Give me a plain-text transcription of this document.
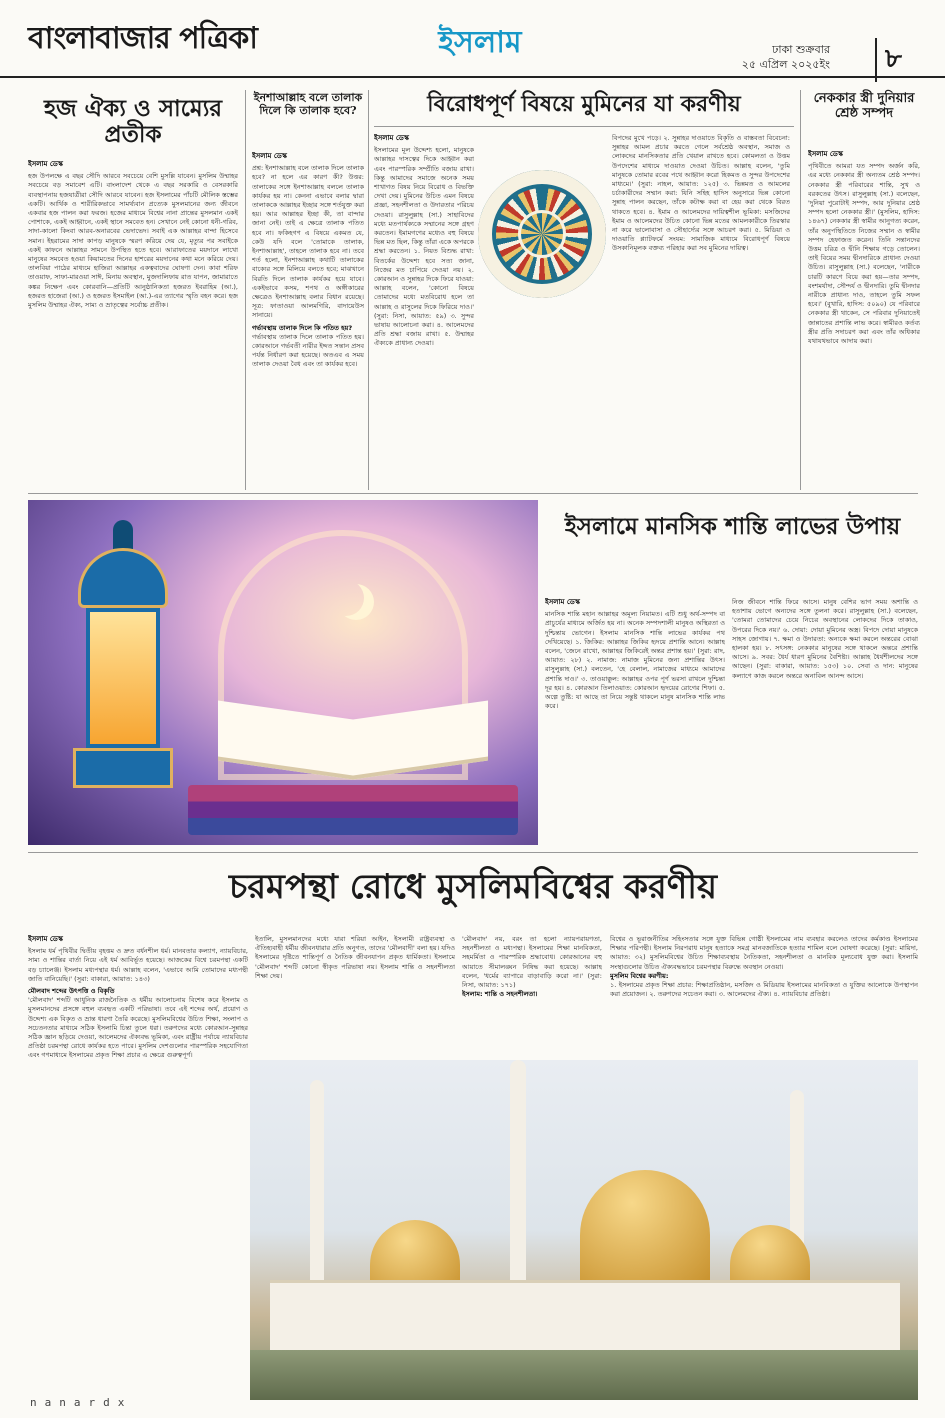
বাংলাবাজার পত্রিকা	ইসলাম	ঢাকা শুক্রবার
২৫ এপ্রিল ২০২৫ইং	৮
হজ ঐক্য ও সাম্যের প্রতীক
ইসলাম ডেস্ক
হজ উপলক্ষে এ বছর সৌদি আরবে সবচেয়ে বেশি মুসল্লি যাবেন। মুসলিম উম্মাহর সবচেয়ে বড় সমাবেশ এটি। বাংলাদেশ থেকে এ বছর সরকারি ও বেসরকারি ব্যবস্থাপনায় হজযাত্রীরা সৌদি আরবে যাবেন। হজ ইসলামের পাঁচটি মৌলিক স্তম্ভের একটি। আর্থিক ও শারীরিকভাবে সামর্থ্যবান প্রত্যেক মুসলমানের জন্য জীবনে একবার হজ পালন করা ফরজ। হজের মাধ্যমে বিশ্বের নানা প্রান্তের মুসলমান একই পোশাকে, একই আহ্বানে, একই স্থানে সমবেত হন। সেখানে নেই কোনো ধনী-গরিব, সাদা-কালো কিংবা আরব-অনারবের ভেদাভেদ। সবাই এক আল্লাহর বান্দা হিসেবে সমান। ইহরামের সাদা কাপড় মানুষকে স্মরণ করিয়ে দেয় যে, মৃত্যুর পর সবাইকে একই কাফনে আল্লাহর সামনে উপস্থিত হতে হবে। আরাফাতের ময়দানে লাখো মানুষের সমবেত হওয়া কিয়ামতের দিনের হাশরের ময়দানের কথা মনে করিয়ে দেয়। তালবিয়া পাঠের মাধ্যমে হাজিরা আল্লাহর একত্ববাদের ঘোষণা দেন। কাবা শরিফ তাওয়াফ, সাফা-মারওয়া সাঈ, মিনায় অবস্থান, মুজদালিফায় রাত যাপন, জামারাতে কঙ্কর নিক্ষেপ এবং কোরবানি—প্রতিটি আনুষ্ঠানিকতা হজরত ইবরাহিম (আ.), হজরত হাজেরা (আ.) ও হজরত ইসমাইল (আ.)-এর ত্যাগের স্মৃতি বহন করে। হজ মুসলিম উম্মাহর ঐক্য, সাম্য ও ভ্রাতৃত্বের সর্বোচ্চ প্রতীক।
ইনশাআল্লাহ বলে তালাক দিলে কি তালাক হবে?
ইসলাম ডেস্ক
প্রশ্ন: ইনশাআল্লাহ বলে তালাক দিলে তালাক হবে? না হলে এর কারণ কী? উত্তর: তালাকের সঙ্গে ইনশাআল্লাহ বললে তালাক কার্যকর হয় না। কেননা এভাবে বলার দ্বারা তালাককে আল্লাহর ইচ্ছার সঙ্গে শর্তযুক্ত করা হয়। আর আল্লাহর ইচ্ছা কী, তা বান্দার জানা নেই। তাই এ ক্ষেত্রে তালাক পতিত হবে না। ফকিহগণ এ বিষয়ে একমত যে, কেউ যদি বলে 'তোমাকে তালাক, ইনশাআল্লাহ', তাহলে তালাক হবে না। তবে শর্ত হলো, ইনশাআল্লাহ কথাটি তালাকের বাক্যের সঙ্গে মিলিয়ে বলতে হবে; মাঝখানে বিরতি দিলে তালাক কার্যকর হয়ে যাবে। একইভাবে কসম, শপথ ও অঙ্গীকারের ক্ষেত্রেও ইনশাআল্লাহ বলার বিধান রয়েছে। সূত্র: ফাতাওয়া আলমগিরি, বাদায়েউস সানায়ে।
গর্ভাবস্থায় তালাক দিলে কি পতিত হয়?
গর্ভাবস্থায় তালাক দিলে তালাক পতিত হয়। কোরআনে গর্ভবতী নারীর ইদ্দত সন্তান প্রসব পর্যন্ত নির্ধারণ করা হয়েছে। অতএব এ সময় তালাক দেওয়া বৈধ এবং তা কার্যকর হবে।
বিরোধপূর্ণ বিষয়ে মুমিনের যা করণীয়
ইসলাম ডেস্ক
ইসলামের মূল উদ্দেশ্য হলো, মানুষকে আল্লাহর দাসত্বের দিকে আহ্বান করা এবং পারস্পরিক সম্প্রীতি বজায় রাখা। কিন্তু আমাদের সমাজে অনেক সময় শাখাগত বিষয় নিয়ে বিরোধ ও বিভক্তি দেখা দেয়। মুমিনের উচিত এমন বিষয়ে প্রজ্ঞা, সহনশীলতা ও উদারতার পরিচয় দেওয়া। রাসুলুল্লাহ (সা.) সাহাবিদের মধ্যে মতপার্থক্যকে সম্মানের সঙ্গে গ্রহণ করতেন। ইমামগণের মধ্যেও বহু বিষয়ে ভিন্ন মত ছিল, কিন্তু তাঁরা একে অপরকে শ্রদ্ধা করতেন। ১. নিয়ত বিশুদ্ধ রাখা: বিতর্কের উদ্দেশ্য হবে সত্য জানা, নিজের মত চাপিয়ে দেওয়া নয়। ২. কোরআন ও সুন্নাহর দিকে ফিরে যাওয়া: আল্লাহ বলেন, 'কোনো বিষয়ে তোমাদের মধ্যে মতবিরোধ হলে তা আল্লাহ ও রাসুলের দিকে ফিরিয়ে দাও।' (সুরা: নিসা, আয়াত: ৫৯) ৩. সুন্দর ভাষায় আলোচনা করা। ৪. আলেমদের প্রতি শ্রদ্ধা বজায় রাখা। ৫. উম্মাহর ঐক্যকে প্রাধান্য দেওয়া।
বিপদের মুখে পড়ে। ২. সুন্নাহর দাওয়াতে বিকৃতি ও বাস্তবতা বিবেচনা: সুন্নাহর আমল প্রচার করতে গেলে সর্বশ্রেষ্ঠ অবস্থান, সমাজ ও লোকদের মানসিকতার প্রতি খেয়াল রাখতে হবে। কোমলতা ও উত্তম উপদেশের মাধ্যমে দাওয়াত দেওয়া উচিত। আল্লাহ বলেন, 'তুমি মানুষকে তোমার রবের পথে আহ্বান করো হিকমত ও সুন্দর উপদেশের মাধ্যমে।' (সুরা: নাহল, আয়াত: ১২৫) ৩. ভিন্নমত ও আমলের চর্চাকারীদের সম্মান করা: যিনি সহিহ হাদিস অনুসারে ভিন্ন কোনো সুন্নাহ পালন করছেন, তাঁকে কটাক্ষ করা বা হেয় করা থেকে বিরত থাকতে হবে। ৪. ইমাম ও আলেমদের দায়িত্বশীল ভূমিকা: মসজিদের ইমাম ও আলেমদের উচিত কোনো ভিন্ন মতের আমলকারীকে তিরস্কার না করে ভালোবাসা ও সৌহার্দ্যের সঙ্গে আচরণ করা। ৫. মিডিয়া ও দাওয়াতি প্ল্যাটফর্মে সংযম: সামাজিক মাধ্যমে বিরোধপূর্ণ বিষয়ে উসকানিমূলক বক্তব্য পরিহার করা সব মুমিনের দায়িত্ব।
নেককার স্ত্রী দুনিয়ার শ্রেষ্ঠ সম্পদ
ইসলাম ডেস্ক
পৃথিবীতে আমরা যত সম্পদ অর্জন করি, এর মধ্যে নেককার স্ত্রী অন্যতম শ্রেষ্ঠ সম্পদ। নেককার স্ত্রী পরিবারের শান্তি, সুখ ও বরকতের উৎস। রাসুলুল্লাহ (সা.) বলেছেন, 'দুনিয়া পুরোটাই সম্পদ, আর দুনিয়ার শ্রেষ্ঠ সম্পদ হলো নেককার স্ত্রী।' (মুসলিম, হাদিস: ১৪৬৭) নেককার স্ত্রী স্বামীর আনুগত্য করেন, তাঁর অনুপস্থিতিতে নিজের সম্মান ও স্বামীর সম্পদ হেফাজত করেন। তিনি সন্তানদের উত্তম চরিত্র ও দ্বীনি শিক্ষায় গড়ে তোলেন। তাই বিয়ের সময় দ্বীনদারিকে প্রাধান্য দেওয়া উচিত। রাসুলুল্লাহ (সা.) বলেছেন, 'নারীকে চারটি কারণে বিয়ে করা হয়—তার সম্পদ, বংশমর্যাদা, সৌন্দর্য ও দ্বীনদারি। তুমি দ্বীনদার নারীকে প্রাধান্য দাও, তাহলে তুমি সফল হবে।' (বুখারি, হাদিস: ৫০৯০) যে পরিবারে নেককার স্ত্রী থাকেন, সে পরিবার দুনিয়াতেই জান্নাতের প্রশান্তি লাভ করে। স্বামীরও কর্তব্য স্ত্রীর প্রতি সদাচরণ করা এবং তাঁর অধিকার যথাযথভাবে আদায় করা।
ইসলামে মানসিক শান্তি লাভের উপায়
ইসলাম ডেস্ক
মানসিক শান্তি মহান আল্লাহর অমূল্য নিয়ামত। এটি শুধু অর্থ-সম্পদ বা প্রাচুর্যের মাধ্যমে অর্জিত হয় না। অনেক সম্পদশালী মানুষও অস্থিরতা ও দুশ্চিন্তায় ভোগেন। ইসলাম মানসিক শান্তি লাভের কার্যকর পথ দেখিয়েছে। ১. জিকির: আল্লাহর জিকির হৃদয়ে প্রশান্তি আনে। আল্লাহ বলেন, 'জেনে রাখো, আল্লাহর জিকিরেই অন্তর প্রশান্ত হয়।' (সুরা: রাদ, আয়াত: ২৮) ২. নামাজ: নামাজ মুমিনের জন্য প্রশান্তির উৎস। রাসুলুল্লাহ (সা.) বলতেন, 'হে বেলাল, নামাজের মাধ্যমে আমাদের প্রশান্তি দাও।' ৩. তাওয়াক্কুল: আল্লাহর ওপর পূর্ণ ভরসা রাখলে দুশ্চিন্তা দূর হয়। ৪. কোরআন তিলাওয়াত: কোরআন হৃদয়ের রোগের শিফা। ৫. অল্পে তুষ্টি: যা আছে তা নিয়ে সন্তুষ্ট থাকলে মানুষ মানসিক শান্তি লাভ করে।
নিজ জীবনে শান্তি ফিরে আসে। মানুষ বেশির ভাগ সময় অশান্তি ও হতাশায় ভোগে অন্যদের সঙ্গে তুলনা করে। রাসুলুল্লাহ (সা.) বলেছেন, 'তোমরা তোমাদের চেয়ে নিচের অবস্থানের লোকদের দিকে তাকাও, উপরের দিকে নয়।' ৬. দোয়া: দোয়া মুমিনের অস্ত্র। বিপদে দোয়া মানুষকে সাহস জোগায়। ৭. ক্ষমা ও উদারতা: অন্যকে ক্ষমা করলে অন্তরের বোঝা হালকা হয়। ৮. সৎসঙ্গ: নেককার মানুষের সঙ্গে থাকলে অন্তরে প্রশান্তি আসে। ৯. সবর: ধৈর্য ধারণ মুমিনের বৈশিষ্ট্য। আল্লাহ ধৈর্যশীলদের সঙ্গে আছেন। (সুরা: বাকারা, আয়াত: ১৫৩) ১০. সেবা ও দান: মানুষের কল্যাণে কাজ করলে অন্তরে অনাবিল আনন্দ আসে।
চরমপন্থা রোধে মুসলিমবিশ্বের করণীয়
ইসলাম ডেস্ক
ইসলাম ধর্ম পৃথিবীর দ্বিতীয় বৃহত্তম ও দ্রুত বর্ধনশীল ধর্ম। মানবতার কল্যাণ, ন্যায়বিচার, সাম্য ও শান্তির বার্তা নিয়ে এই ধর্ম আবির্ভূত হয়েছে। আজকের বিশ্বে চরমপন্থা একটি বড় চ্যালেঞ্জ। ইসলাম মধ্যপন্থার ধর্ম। আল্লাহ বলেন, 'এভাবে আমি তোমাদের মধ্যপন্থী জাতি বানিয়েছি।' (সুরা: বাকারা, আয়াত: ১৪৩)
মৌলবাদ শব্দের উৎপত্তি ও বিকৃতি
'মৌলবাদ' শব্দটি আধুনিক রাজনৈতিক ও ধর্মীয় আলোচনায় বিশেষ করে ইসলাম ও মুসলমানদের প্রসঙ্গে বহুল ব্যবহৃত একটি পরিভাষা। তবে এই শব্দের অর্থ, প্রয়োগ ও উদ্দেশ্য এক বিকৃত ও ভ্রান্ত ধারণা তৈরি করেছে। মুসলিমবিশ্বের উচিত শিক্ষা, সংলাপ ও সচেতনতার মাধ্যমে সঠিক ইসলামি চিন্তা তুলে ধরা। তরুণদের মধ্যে কোরআন-সুন্নাহর সঠিক জ্ঞান ছড়িয়ে দেওয়া, আলেমদের ঐক্যবদ্ধ ভূমিকা, এবং রাষ্ট্রীয় পর্যায়ে ন্যায়বিচার প্রতিষ্ঠা চরমপন্থা রোধে কার্যকর হতে পারে। মুসলিম দেশগুলোর পারস্পরিক সহযোগিতা এবং গণমাধ্যমে ইসলামের প্রকৃত শিক্ষা প্রচার এ ক্ষেত্রে গুরুত্বপূর্ণ।
ইতালি, মুসলমানদের মধ্যে যারা শরিয়া আইন, ইসলামী রাষ্ট্রব্যবস্থা ও ঐতিহ্যবাহী ধর্মীয় জীবনধারার প্রতি অনুগত, তাদের 'মৌলবাদী' বলা হয়। যদিও ইসলামের দৃষ্টিতে শান্তিপূর্ণ ও নৈতিক জীবনযাপন প্রকৃত ধার্মিকতা। ইসলামে 'মৌলবাদ' শব্দটি কোনো স্বীকৃত পরিভাষা নয়। ইসলাম শান্তি ও সহনশীলতা শিক্ষা দেয়।
'মৌলবাদ' নয়, বরং তা হলো ন্যায়পরায়ণতা, সহনশীলতা ও মধ্যপন্থা। ইসলামের শিক্ষা মানবিকতা, সহমর্মিতা ও পারস্পরিক শ্রদ্ধাবোধ। কোরআনের বহু আয়াতে সীমালঙ্ঘন নিষিদ্ধ করা হয়েছে। আল্লাহ বলেন, 'ধর্মের ব্যাপারে বাড়াবাড়ি করো না।' (সুরা: নিসা, আয়াত: ১৭১)
ইসলাম: শান্তি ও সহনশীলতা।
বিশ্বের ও ভূরাজনীতির সহিংসতার সঙ্গে যুক্ত বিভিন্ন গোষ্ঠী ইসলামের নাম ব্যবহার করলেও তাদের কর্মকাণ্ড ইসলামের শিক্ষার পরিপন্থী। ইসলাম নিরপরাধ মানুষ হত্যাকে সমগ্র মানবজাতিকে হত্যার শামিল বলে ঘোষণা করেছে। (সুরা: মায়িদা, আয়াত: ৩২) মুসলিমবিশ্বের উচিত শিক্ষাব্যবস্থায় নৈতিকতা, সহনশীলতা ও মানবিক মূল্যবোধ যুক্ত করা। ইসলামি সংস্থাগুলোর উচিত ঐক্যবদ্ধভাবে চরমপন্থার বিরুদ্ধে অবস্থান নেওয়া।
মুসলিম বিশ্বের করণীয়:
১. ইসলামের প্রকৃত শিক্ষা প্রচার: শিক্ষাপ্রতিষ্ঠান, মসজিদ ও মিডিয়ায় ইসলামের মানবিকতা ও যুক্তির আলোকে উপস্থাপন করা প্রয়োজন। ২. তরুণদের সচেতন করা। ৩. আলেমদের ঐক্য। ৪. ন্যায়বিচার প্রতিষ্ঠা।
nanardx
